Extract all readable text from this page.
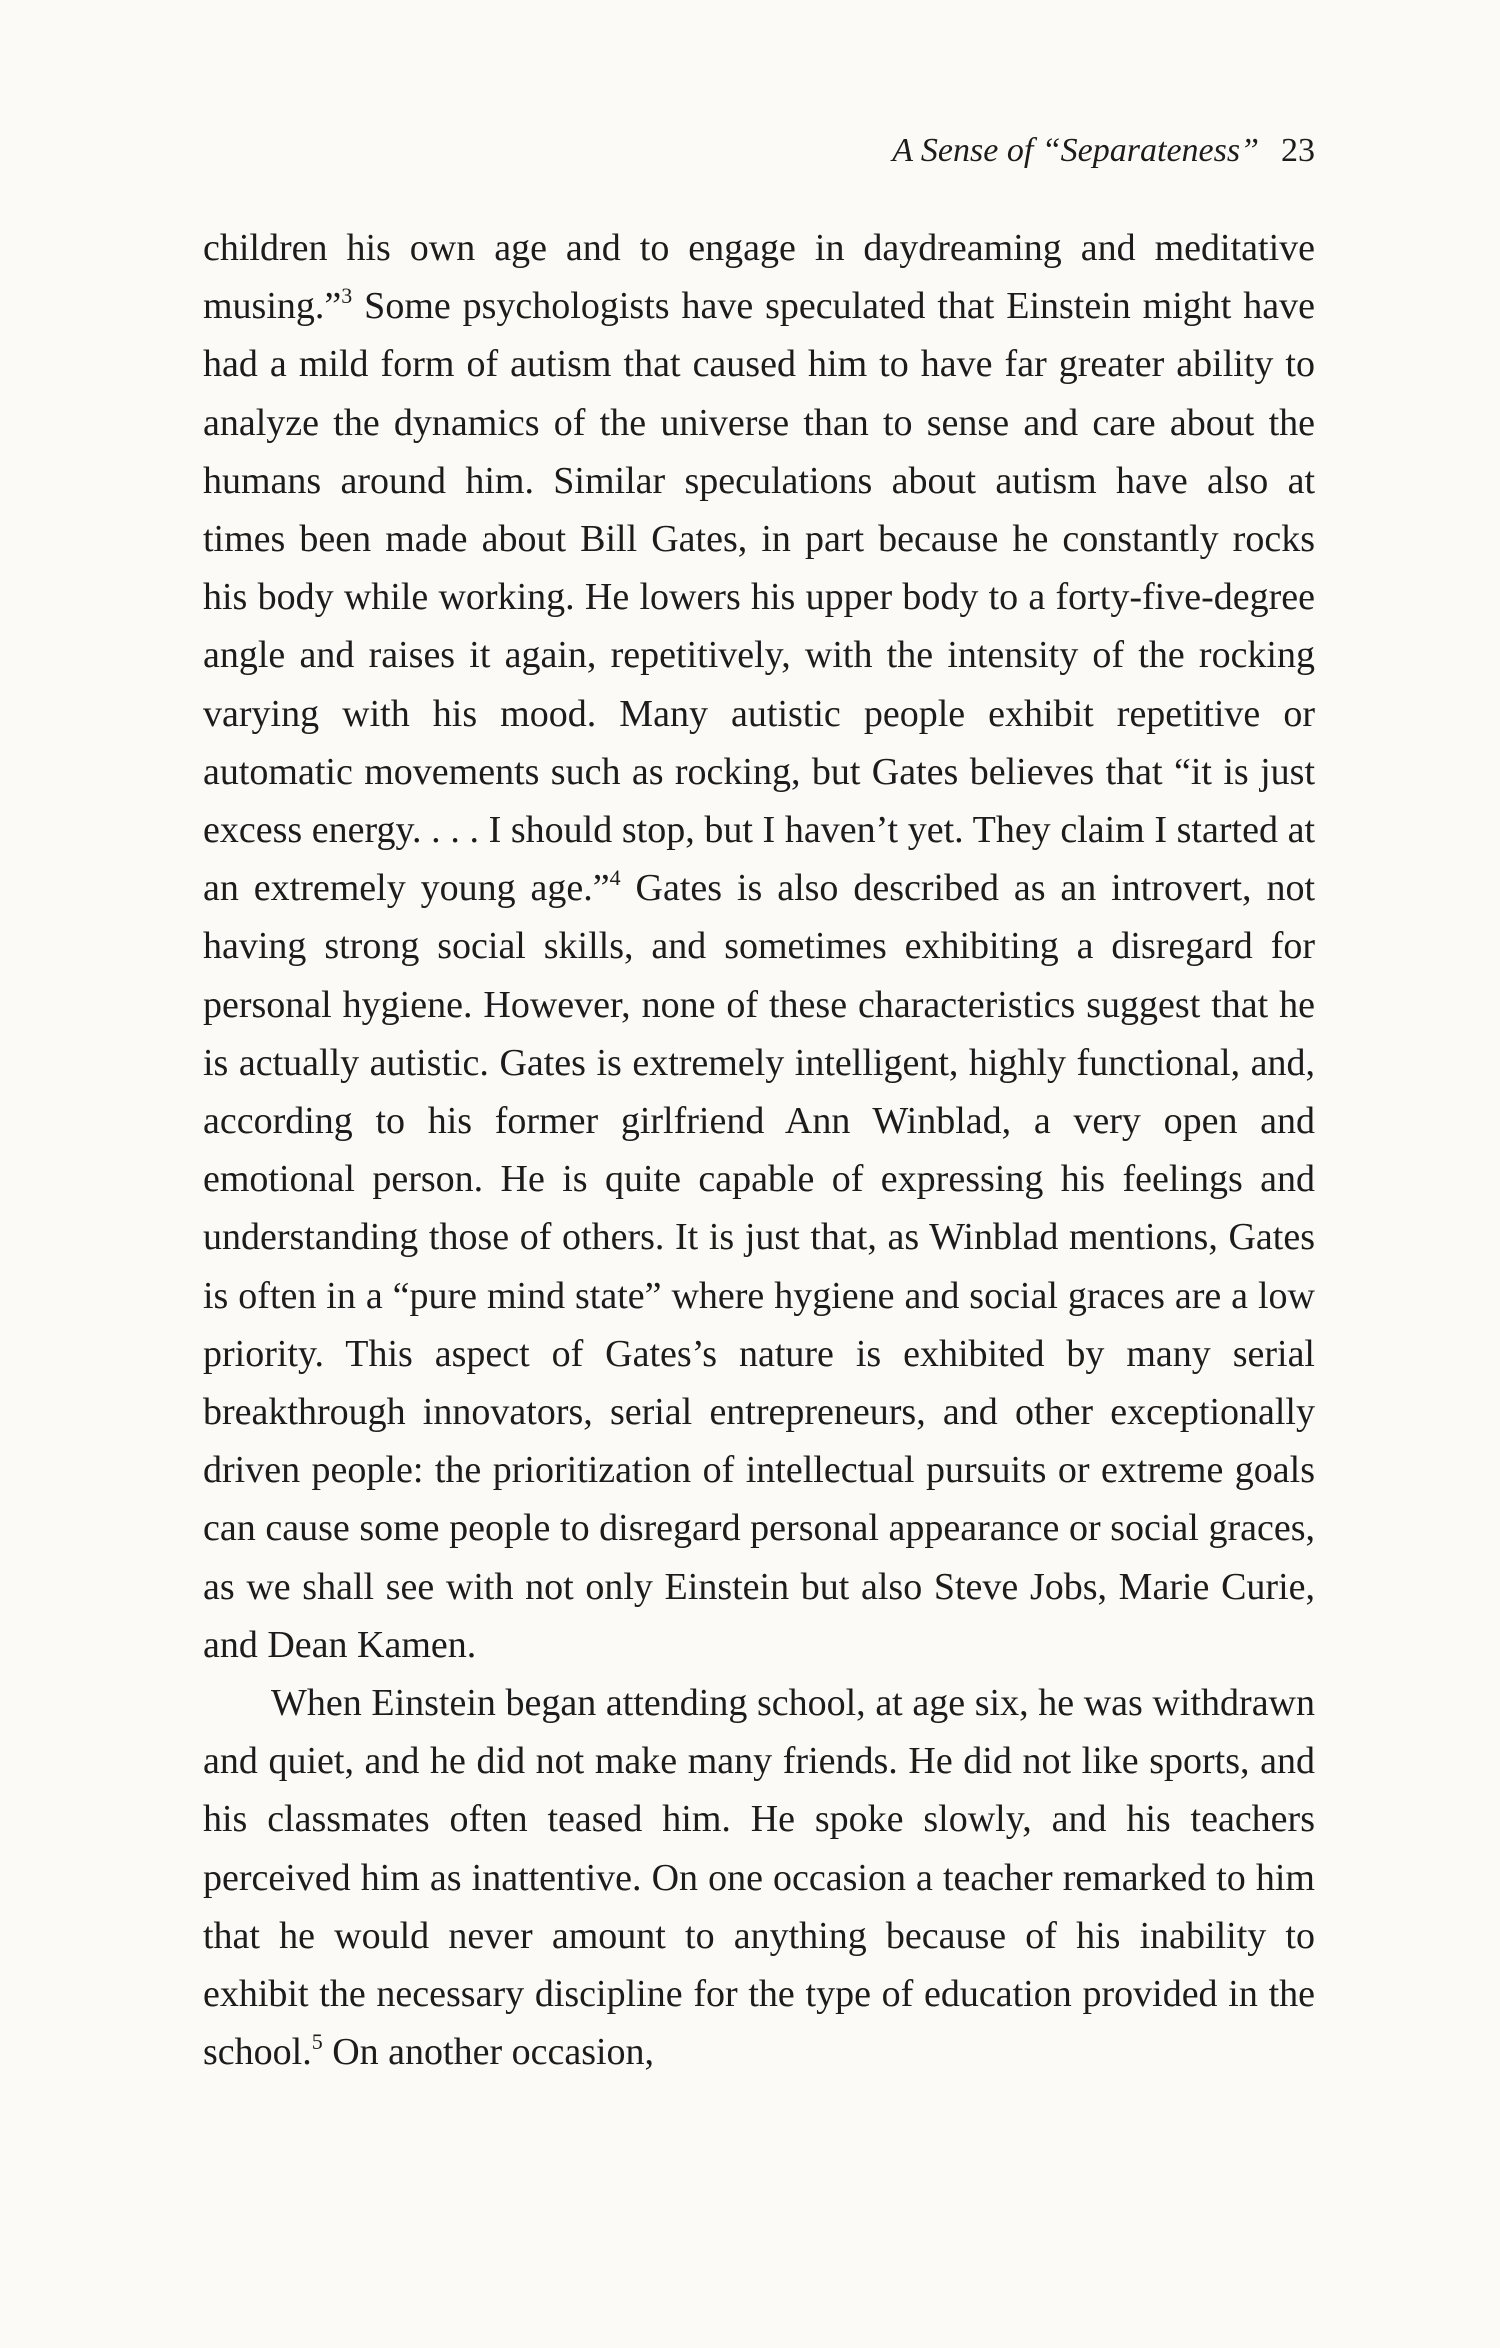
A Sense of “Separateness” 23

children his own age and to engage in daydreaming and meditative musing.”$^3$ Some psychologists have speculated that Einstein might have had a mild form of autism that caused him to have far greater ability to analyze the dynamics of the universe than to sense and care about the humans around him. Similar speculations about autism have also at times been made about Bill Gates, in part because he constantly rocks his body while working. He lowers his upper body to a forty-five-degree angle and raises it again, repetitively, with the intensity of the rocking varying with his mood. Many autistic people exhibit repetitive or automatic movements such as rocking, but Gates believes that “it is just excess energy. . . . I should stop, but I haven’t yet. They claim I started at an extremely young age.”$^4$ Gates is also described as an introvert, not having strong social skills, and sometimes exhibiting a disregard for personal hygiene. However, none of these characteristics suggest that he is actually autistic. Gates is extremely intelligent, highly functional, and, according to his former girlfriend Ann Winblad, a very open and emotional person. He is quite capable of expressing his feelings and understanding those of others. It is just that, as Winblad mentions, Gates is often in a “pure mind state” where hygiene and social graces are a low priority. This aspect of Gates’s nature is exhibited by many serial breakthrough innovators, serial entrepreneurs, and other exceptionally driven people: the prioritization of intellectual pursuits or extreme goals can cause some people to disregard personal appearance or social graces, as we shall see with not only Einstein but also Steve Jobs, Marie Curie, and Dean Kamen.

When Einstein began attending school, at age six, he was withdrawn and quiet, and he did not make many friends. He did not like sports, and his classmates often teased him. He spoke slowly, and his teachers perceived him as inattentive. On one occasion a teacher remarked to him that he would never amount to anything because of his inability to exhibit the necessary discipline for the type of education provided in the school.$^5$ On another occasion,
